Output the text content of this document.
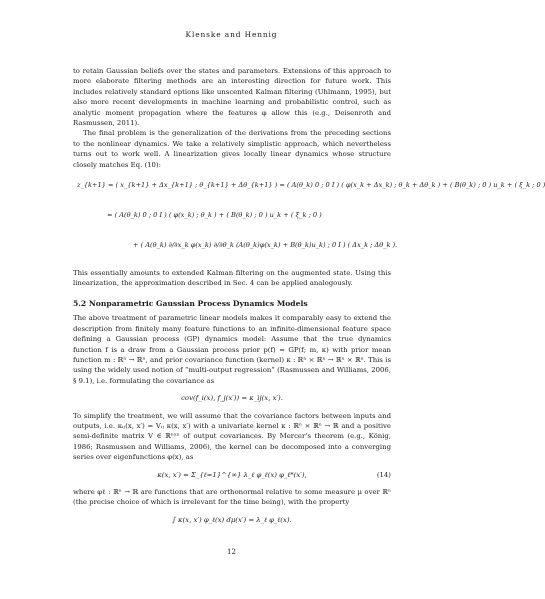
Klenske and Hennig

to retain Gaussian beliefs over the states and parameters. Extensions of this approach to more elaborate filtering methods are an interesting direction for future work. This includes relatively standard options like unscented Kalman filtering (Uhlmann, 1995), but also more recent developments in machine learning and probabilistic control, such as analytic moment propagation where the features φ allow this (e.g., Deisenroth and Rasmussen, 2011).

The final problem is the generalization of the derivations from the preceding sections to the nonlinear dynamics. We take a relatively simplistic approach, which nevertheless turns out to work well. A linearization gives locally linear dynamics whose structure closely matches Eq. (10):

z_{k+1} = ( x_{k+1} + Δx_{k+1} ; θ_{k+1} + Δθ_{k+1} ) = ( A(θ_k) 0 ; 0 I ) ( φ(x_k + Δx_k) ; θ_k + Δθ_k ) + ( B(θ_k) ; 0 ) u_k + ( ξ_k ; 0 )
≈ ( A(θ_k) 0 ; 0 I ) ( φ(x_k) ; θ_k ) + ( B(θ_k) ; 0 ) u_k + ( ξ_k ; 0 )
+ ( A(θ_k) ∂/∂x_k φ(x_k) ∂/∂θ_k (A(θ_k)φ(x_k) + B(θ_k)u_k) ; 0 I ) ( Δx_k ; Δθ_k ).

This essentially amounts to extended Kalman filtering on the augmented state. Using this linearization, the approximation described in Sec. 4 can be applied analogously.

5.2 Nonparametric Gaussian Process Dynamics Models

The above treatment of parametric linear models makes it comparably easy to extend the description from finitely many feature functions to an infinite-dimensional feature space defining a Gaussian process (GP) dynamics model: Assume that the true dynamics function f is a draw from a Gaussian process prior p(f) = GP(f; m, κ) with prior mean function m : ℝⁿ → ℝⁿ, and prior covariance function (kernel) κ : ℝⁿ × ℝⁿ → ℝⁿ × ℝⁿ. This is using the widely used notion of “multi-output regression” (Rasmussen and Williams, 2006, § 9.1), i.e. formulating the covariance as

cov(f_i(x), f_j(x′)) = κ_ij(x, x′).

To simplify the treatment, we will assume that the covariance factors between inputs and outputs, i.e. κᵢⱼ(x, x′) = Vᵢⱼ κ(x, x′) with a univariate kernel κ : ℝⁿ × ℝⁿ → ℝ and a positive semi-definite matrix V ∈ ℝⁿˣⁿ of output covariances. By Mercer’s theorem (e.g., König, 1986; Rasmussen and Williams, 2006), the kernel can be decomposed into a converging series over eigenfunctions φ(x), as

κ(x, x′) = Σ_{ℓ=1}^{∞} λ_ℓ φ_ℓ(x) φ_ℓ*(x′),	(14)

where φℓ : ℝⁿ → ℝ are functions that are orthonormal relative to some measure μ over ℝⁿ (the precise choice of which is irrelevant for the time being), with the property

∫ κ(x, x′) φ_ℓ(x) dμ(x′) = λ_ℓ φ_ℓ(x).
12
